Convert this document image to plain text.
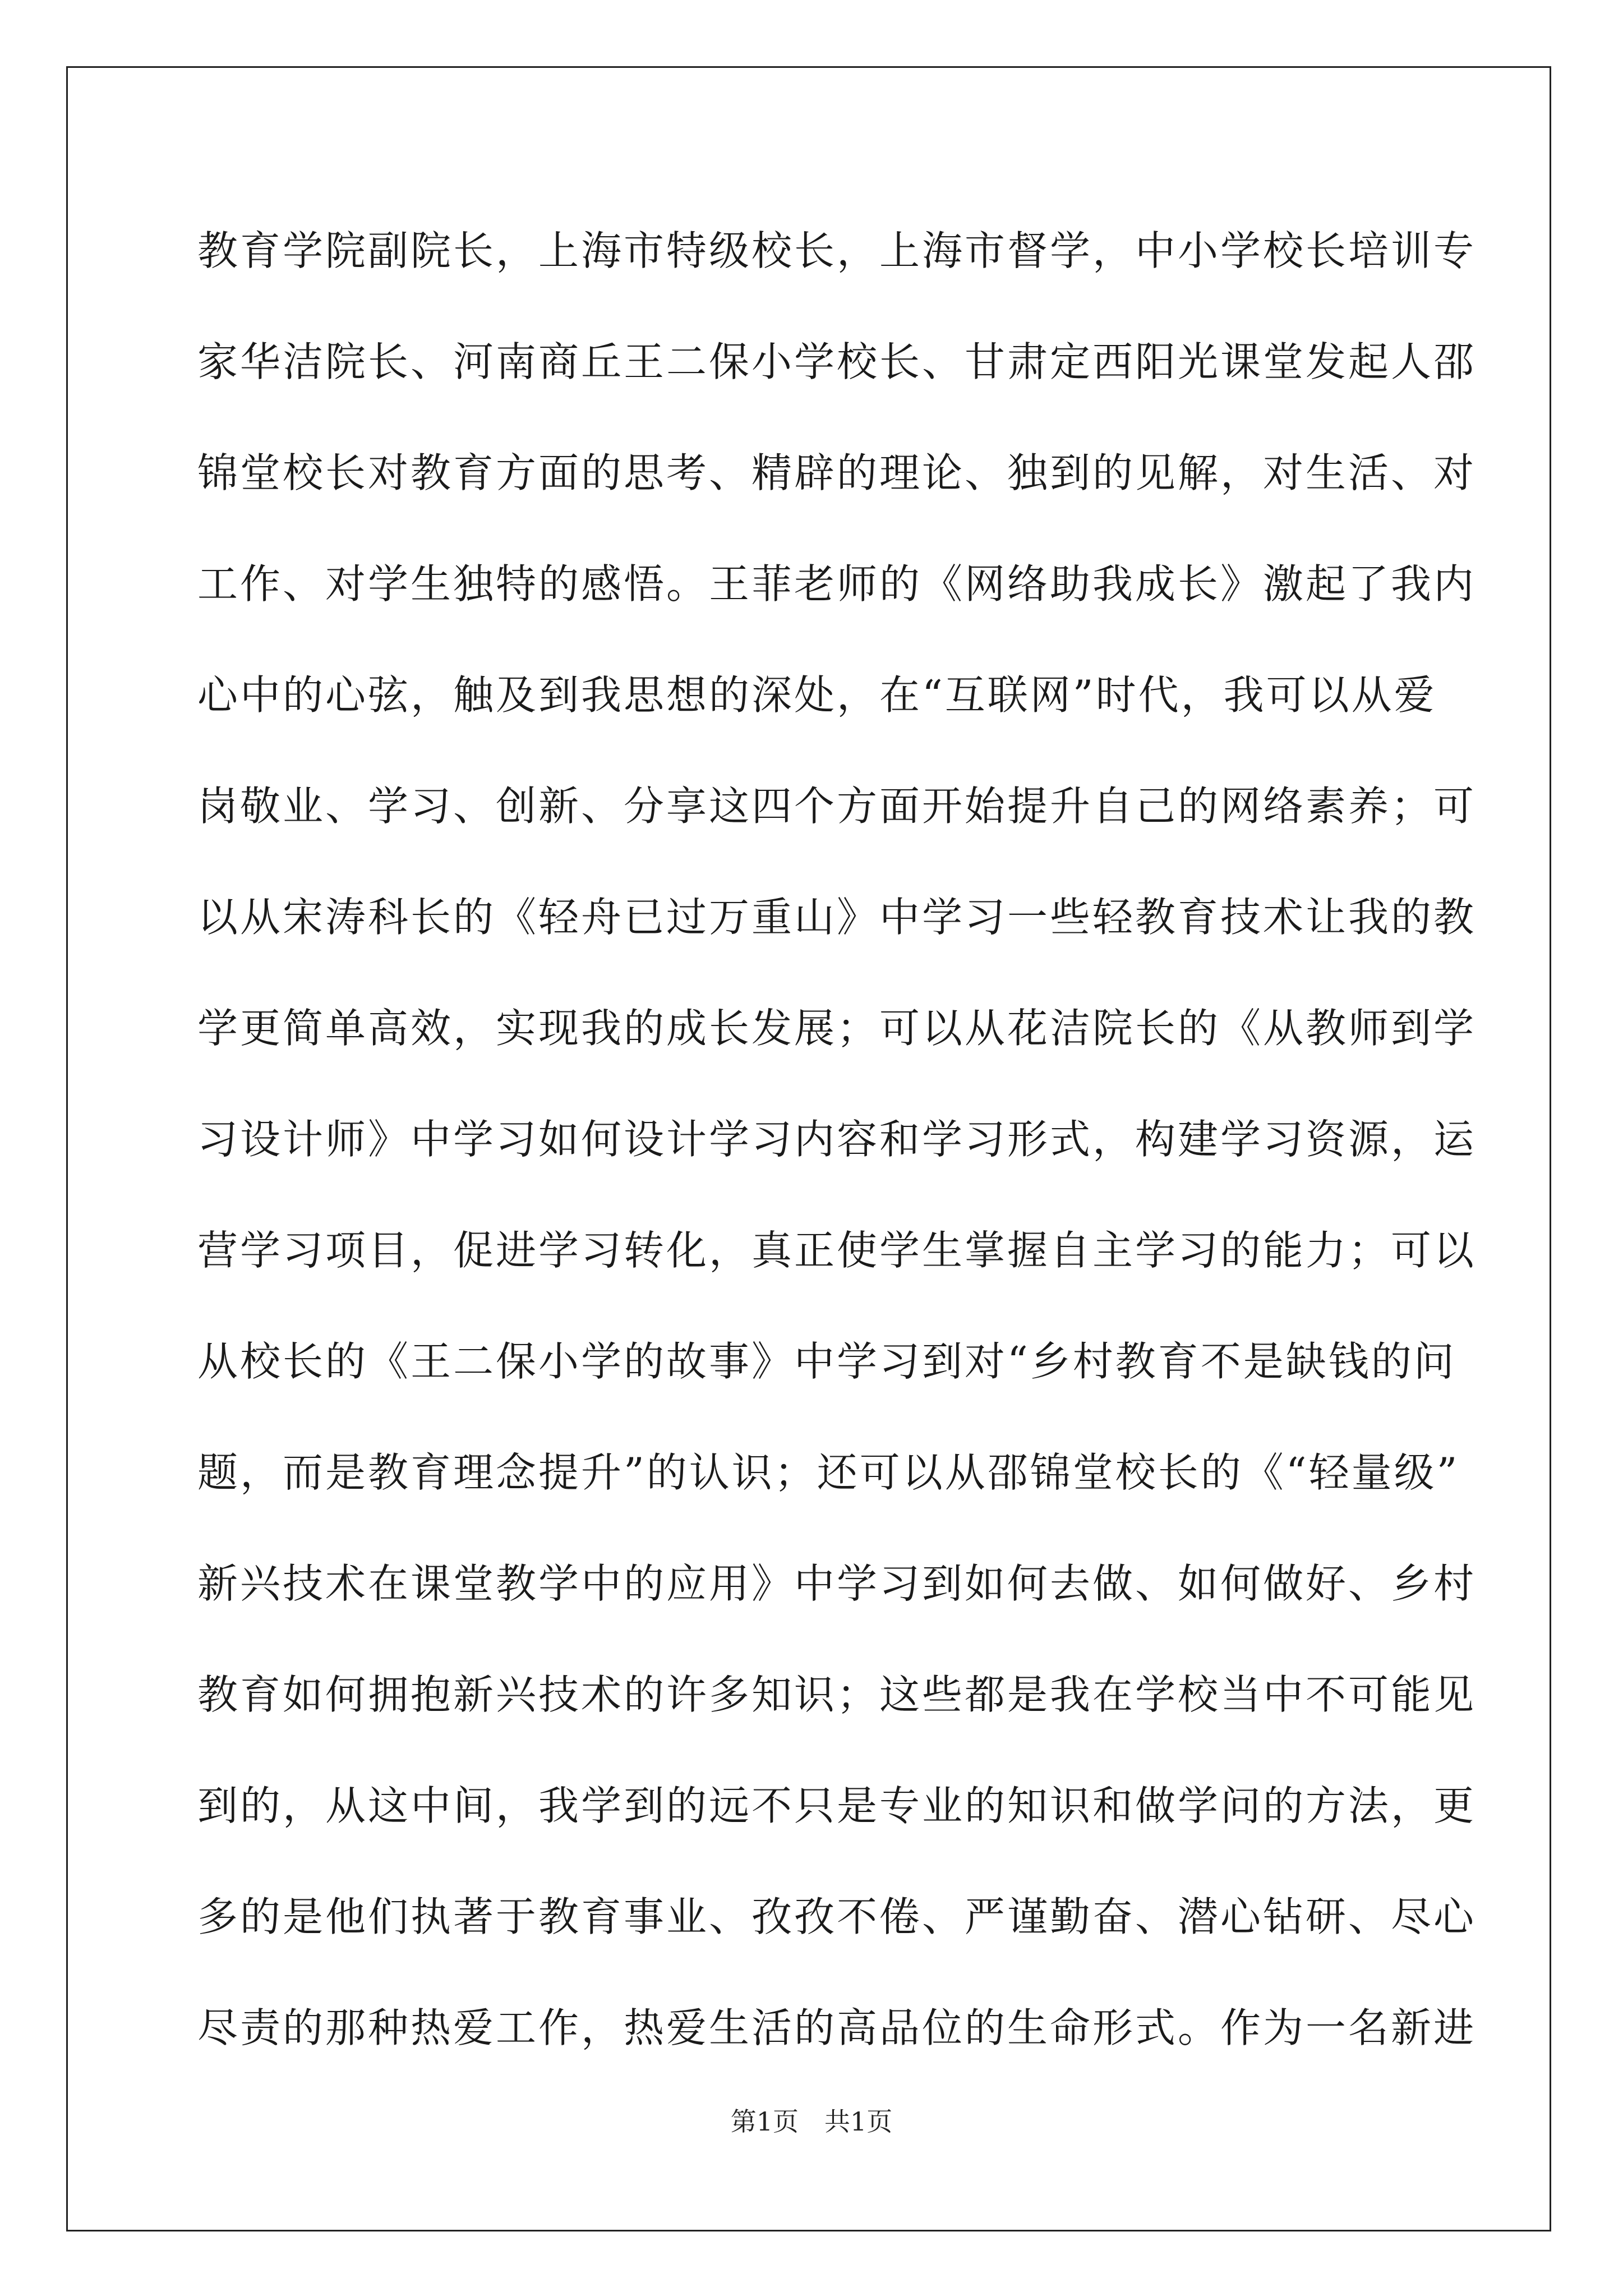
教育学院副院长，上海市特级校长，上海市督学，中小学校长培训专
家华洁院长、河南商丘王二保小学校长、甘肃定西阳光课堂发起人邵
锦堂校长对教育方面的思考、精辟的理论、独到的见解，对生活、对
工作、对学生独特的感悟。王菲老师的《网络助我成长》激起了我内
心中的心弦，触及到我思想的深处，在“互联网”时代，我可以从爱
岗敬业、学习、创新、分享这四个方面开始提升自己的网络素养；可
以从宋涛科长的《轻舟已过万重山》中学习一些轻教育技术让我的教
学更简单高效，实现我的成长发展；可以从花洁院长的《从教师到学
习设计师》中学习如何设计学习内容和学习形式，构建学习资源，运
营学习项目，促进学习转化，真正使学生掌握自主学习的能力；可以
从校长的《王二保小学的故事》中学习到对“乡村教育不是缺钱的问
题，而是教育理念提升”的认识；还可以从邵锦堂校长的《“轻量级”
新兴技术在课堂教学中的应用》中学习到如何去做、如何做好、乡村
教育如何拥抱新兴技术的许多知识；这些都是我在学校当中不可能见
到的，从这中间，我学到的远不只是专业的知识和做学问的方法，更
多的是他们执著于教育事业、孜孜不倦、严谨勤奋、潜心钻研、尽心
尽责的那种热爱工作，热爱生活的高品位的生命形式。作为一名新进
第1页 共1页
